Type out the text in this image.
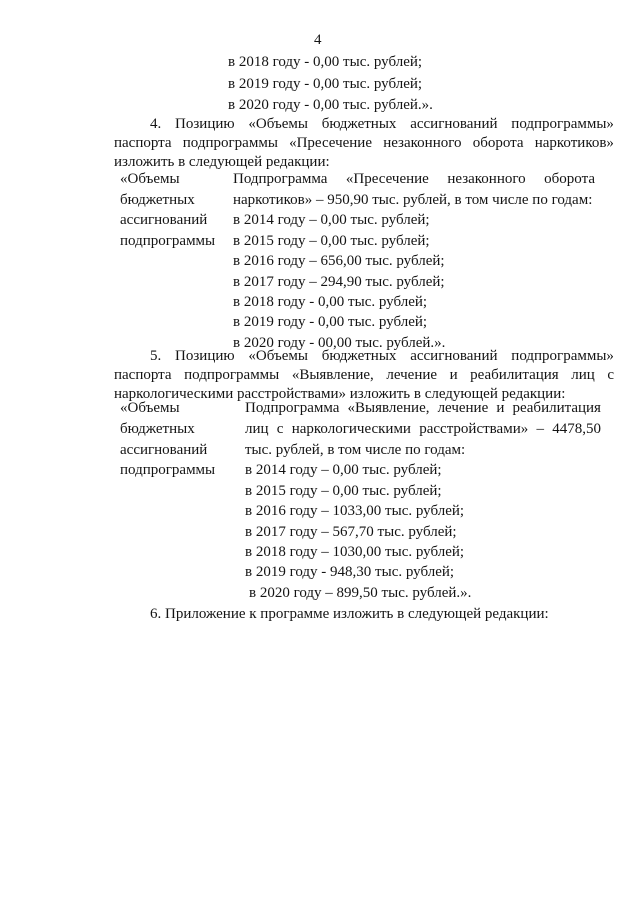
4
в 2018 году - 0,00 тыс. рублей;
в 2019 году - 0,00 тыс. рублей;
в 2020 году - 0,00 тыс. рублей.».
4. Позицию «Объемы бюджетных ассигнований подпрограммы»
паспорта подпрограммы «Пресечение незаконного оборота наркотиков»
изложить в следующей редакции:
«Объемы
бюджетных
ассигнований
подпрограммы
Подпрограмма «Пресечение незаконного оборота
наркотиков» – 950,90 тыс. рублей, в том числе по годам:
в 2014 году – 0,00 тыс. рублей;
в 2015 году – 0,00 тыс. рублей;
в 2016 году – 656,00 тыс. рублей;
в 2017 году – 294,90 тыс. рублей;
в 2018 году - 0,00 тыс. рублей;
в 2019 году - 0,00 тыс. рублей;
в 2020 году - 00,00 тыс. рублей.».
5. Позицию «Объемы бюджетных ассигнований подпрограммы»
паспорта подпрограммы «Выявление, лечение и реабилитация лиц с
наркологическими расстройствами» изложить в следующей редакции:
«Объемы
бюджетных
ассигнований
подпрограммы
Подпрограмма «Выявление, лечение и реабилитация
лиц с наркологическими расстройствами» – 4478,50
тыс. рублей, в том числе по годам:
в 2014 году – 0,00 тыс. рублей;
в 2015 году – 0,00 тыс. рублей;
в 2016 году – 1033,00 тыс. рублей;
в 2017 году – 567,70 тыс. рублей;
в 2018 году – 1030,00 тыс. рублей;
в 2019 году - 948,30 тыс. рублей;
в 2020 году – 899,50 тыс. рублей.».
6. Приложение к программе изложить в следующей редакции:
